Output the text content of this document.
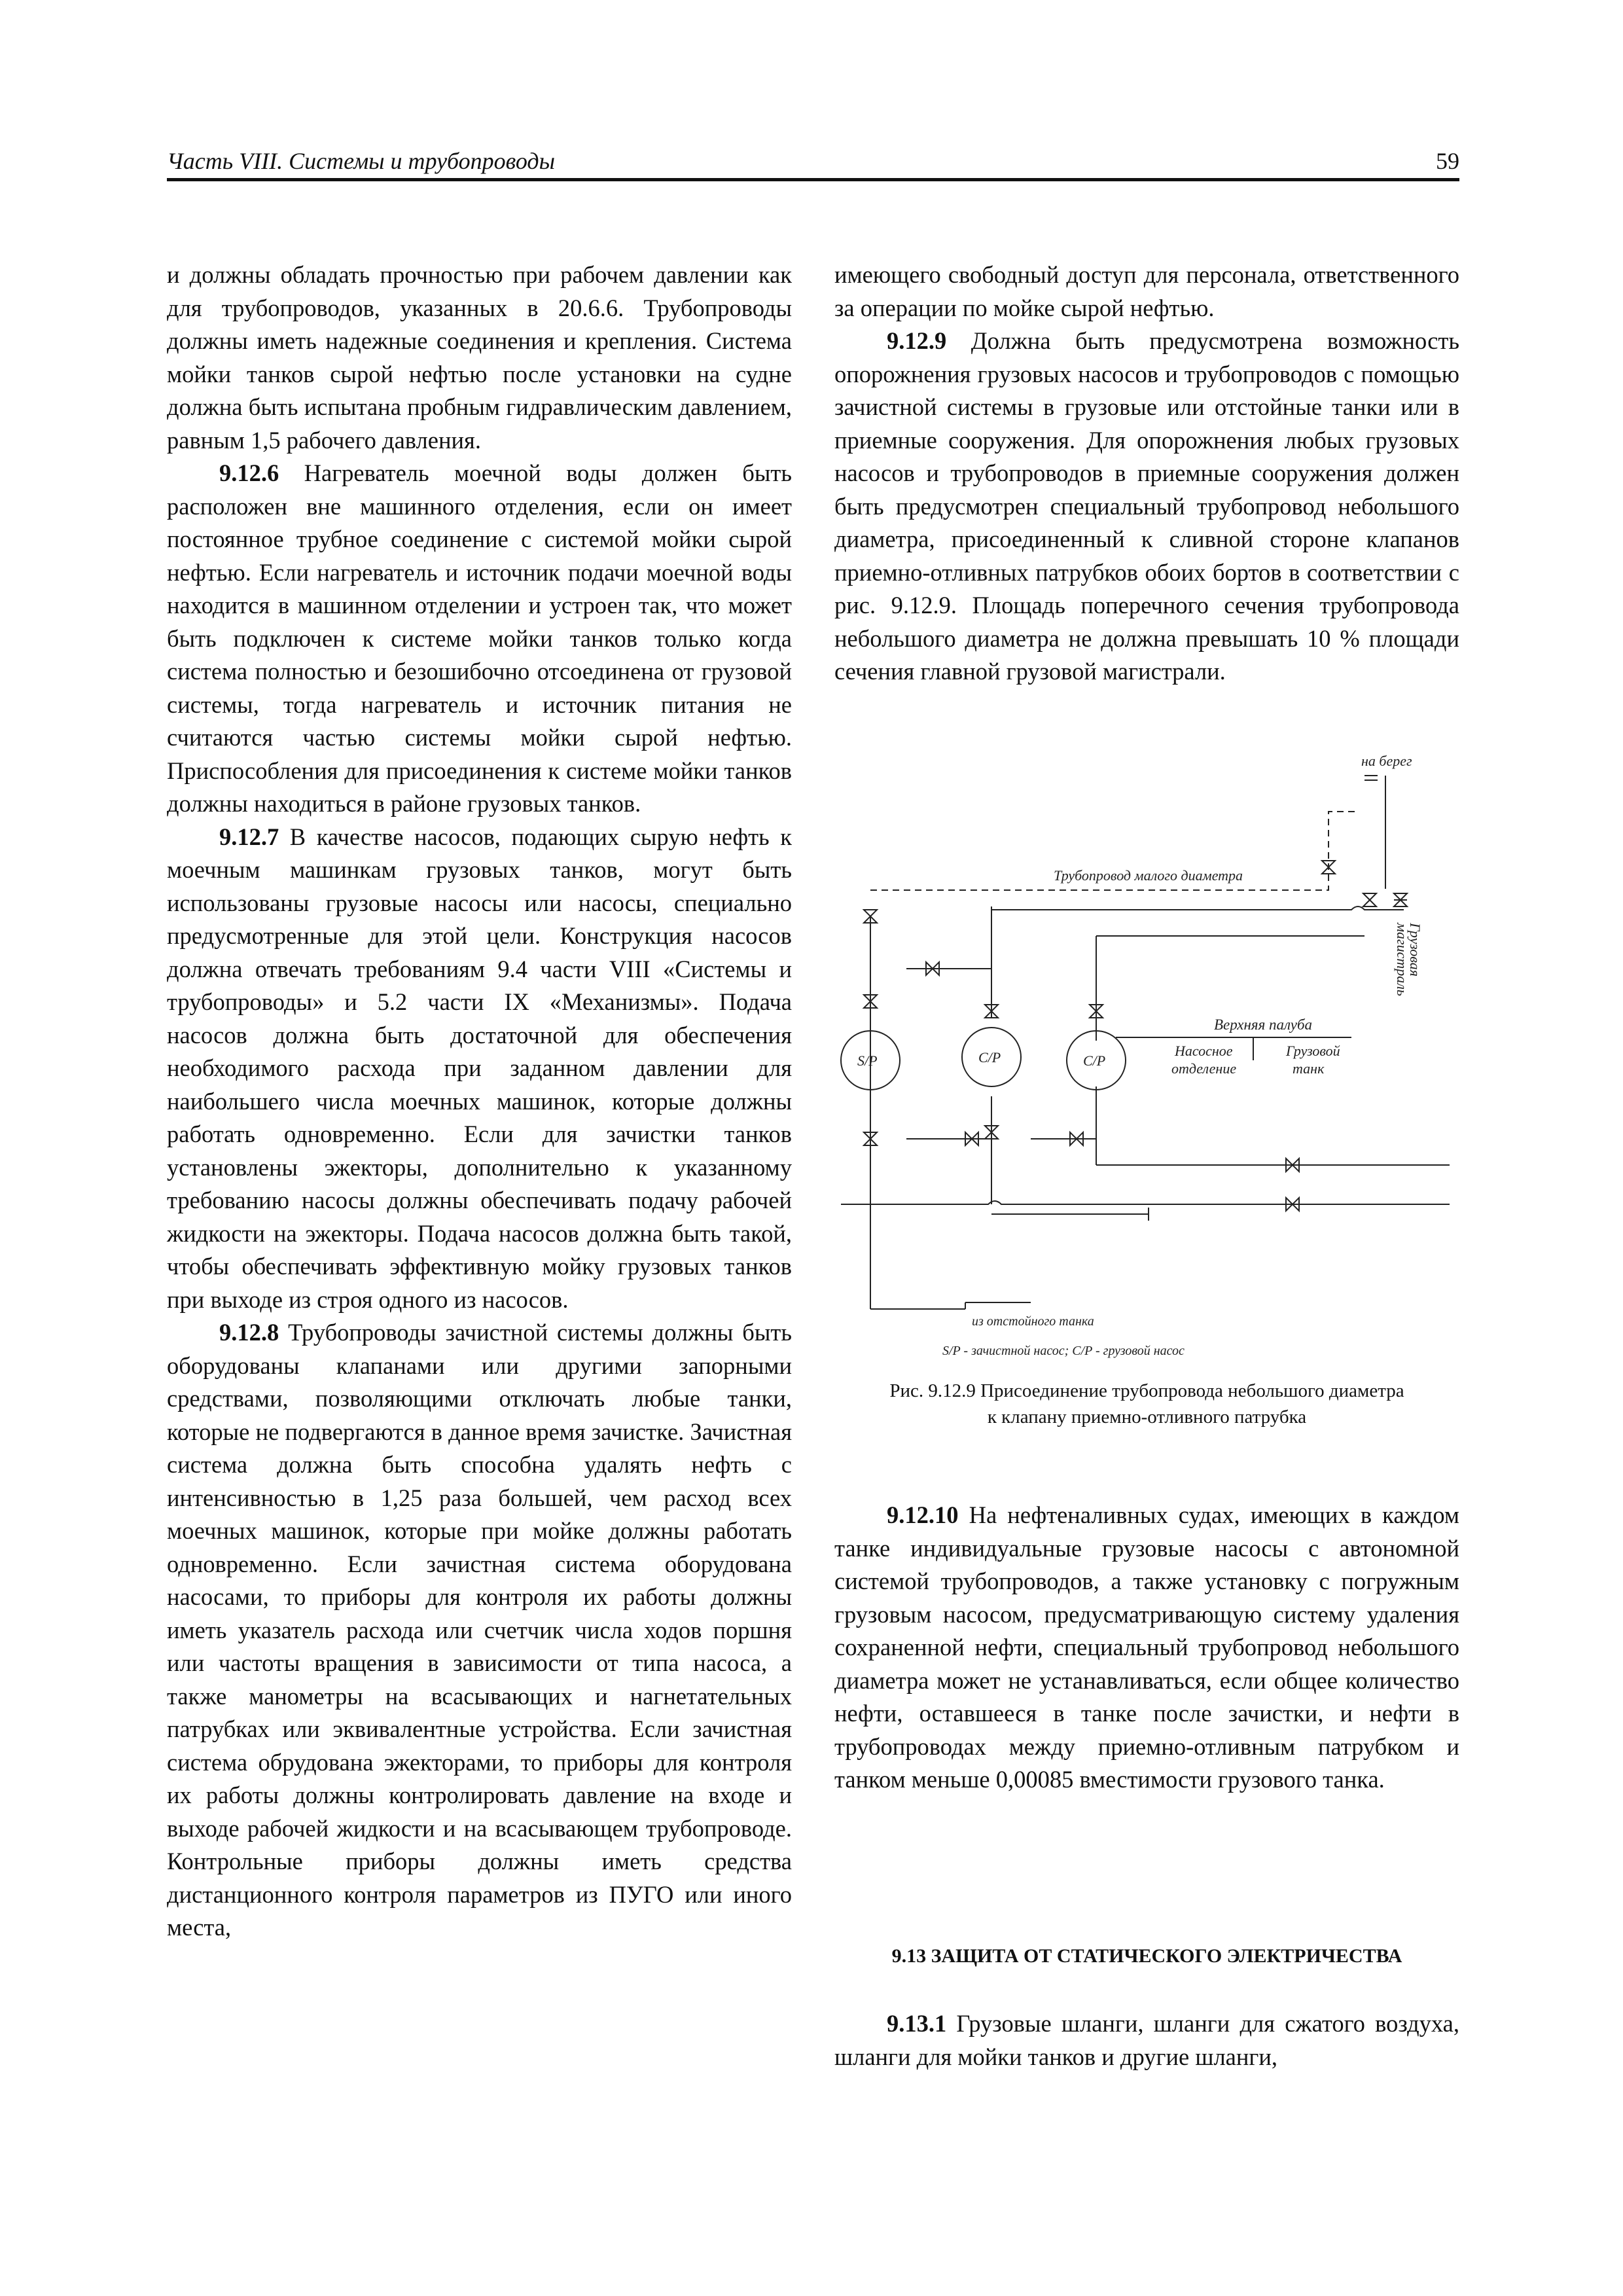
Часть VIII. Системы и трубопроводы	59

и должны обладать прочностью при рабочем давлении как для трубопроводов, указанных в 20.6.6. Трубопроводы должны иметь надежные соединения и крепления. Система мойки танков сырой нефтью после установки на судне должна быть испытана пробным гидравлическим давлением, равным 1,5 рабочего давления.

9.12.6 Нагреватель моечной воды должен быть расположен вне машинного отделения, если он имеет постоянное трубное соединение с системой мойки сырой нефтью. Если нагреватель и источник подачи моечной воды находится в машинном отделении и устроен так, что может быть подключен к системе мойки танков только когда система полностью и безошибочно отсоединена от грузовой системы, тогда нагреватель и источник питания не считаются частью системы мойки сырой нефтью. Приспособления для присоединения к системе мойки танков должны находиться в районе грузовых танков.

9.12.7 В качестве насосов, подающих сырую нефть к моечным машинкам грузовых танков, могут быть использованы грузовые насосы или насосы, специально предусмотренные для этой цели. Конструкция насосов должна отвечать требованиям 9.4 части VIII «Системы и трубопроводы» и 5.2 части IX «Механизмы». Подача насосов должна быть достаточной для обеспечения необходимого расхода при заданном давлении для наибольшего числа моечных машинок, которые должны работать одновременно. Если для зачистки танков установлены эжекторы, дополнительно к указанному требованию насосы должны обеспечивать подачу рабочей жидкости на эжекторы. Подача насосов должна быть такой, чтобы обеспечивать эффективную мойку грузовых танков при выходе из строя одного из насосов.

9.12.8 Трубопроводы зачистной системы должны быть оборудованы клапанами или другими запорными средствами, позволяющими отключать любые танки, которые не подвергаются в данное время зачистке. Зачистная система должна быть способна удалять нефть с интенсивностью в 1,25 раза большей, чем расход всех моечных машинок, которые при мойке должны работать одновременно. Если зачистная система оборудована насосами, то приборы для контроля их работы должны иметь указатель расхода или счетчик числа ходов поршня или частоты вращения в зависимости от типа насоса, а также манометры на всасывающих и нагнетательных патрубках или эквивалентные устройства. Если зачистная система обрудована эжекторами, то приборы для контроля их работы должны контролировать давление на входе и выходе рабочей жидкости и на всасывающем трубопроводе. Контрольные приборы должны иметь средства дистанционного контроля параметров из ПУГО или иного места,

имеющего свободный доступ для персонала, ответственного за операции по мойке сырой нефтью.

9.12.9 Должна быть предусмотрена возможность опорожнения грузовых насосов и трубопроводов с помощью зачистной системы в грузовые или отстойные танки или в приемные сооружения. Для опорожнения любых грузовых насосов и трубопроводов в приемные сооружения должен быть предусмотрен специальный трубопровод небольшого диаметра, присоединенный к сливной стороне клапанов приемно-отливных патрубков обоих бортов в соответствии с рис. 9.12.9. Площадь поперечного сечения трубопровода небольшого диаметра не должна превышать 10 % площади сечения главной грузовой магистрали.

на берег
Трубопровод малого диаметра
Грузовая
магистраль
Верхняя палуба
Насосное
отделение
Грузовой
танк
S/P	C/P	C/P
из отстойного танка
S/P - зачистной насос; C/P - грузовой насос
Рис. 9.12.9 Присоединение трубопровода небольшого диаметра
к клапану приемно-отливного патрубка

9.12.10 На нефтеналивных судах, имеющих в каждом танке индивидуальные грузовые насосы с автономной системой трубопроводов, а также установку с погружным грузовым насосом, предусматривающую систему удаления сохраненной нефти, специальный трубопровод небольшого диаметра может не устанавливаться, если общее количество нефти, оставшееся в танке после зачистки, и нефти в трубопроводах между приемно-отливным патрубком и танком меньше 0,00085 вместимости грузового танка.

9.13 ЗАЩИТА ОТ СТАТИЧЕСКОГО ЭЛЕКТРИЧЕСТВА

9.13.1 Грузовые шланги, шланги для сжатого воздуха, шланги для мойки танков и другие шланги,
